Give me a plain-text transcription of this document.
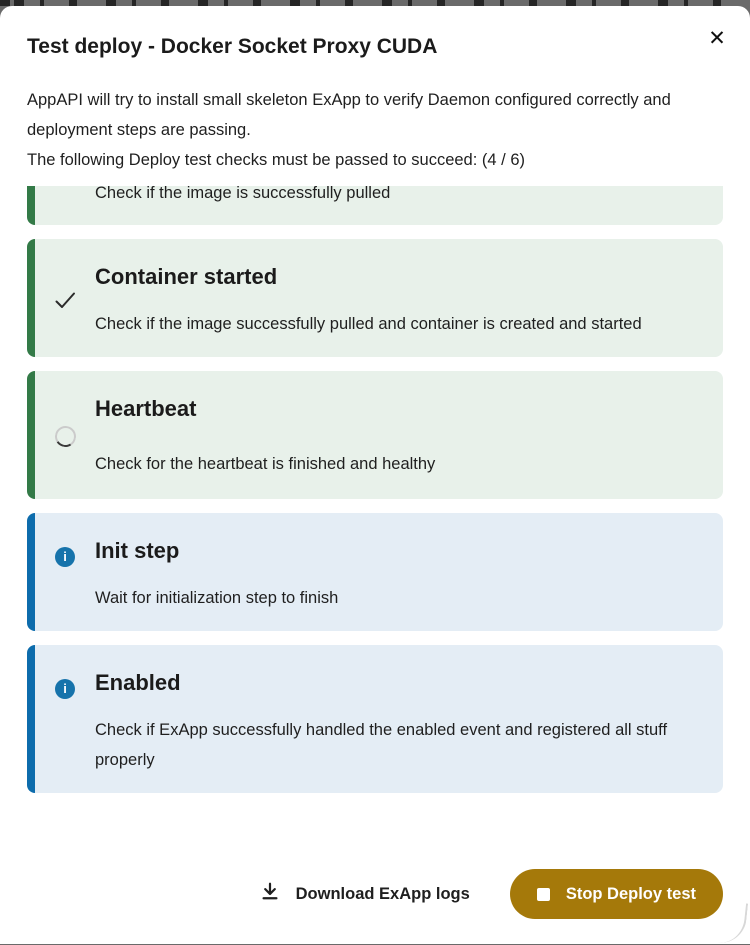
✕
Test deploy - Docker Socket Proxy CUDA

AppAPI will try to install small skeleton ExApp to verify Daemon configured correctly and deployment steps are passing.

The following Deploy test checks must be passed to succeed: (4 / 6)

Check if the image is successfully pulled

Container started

Check if the image successfully pulled and container is created and started

Heartbeat

Check for the heartbeat is finished and healthy

i	Init step

Wait for initialization step to finish

i	Enabled

Check if ExApp successfully handled the enabled event and registered all stuff properly

Download ExApp logs	Stop Deploy test
